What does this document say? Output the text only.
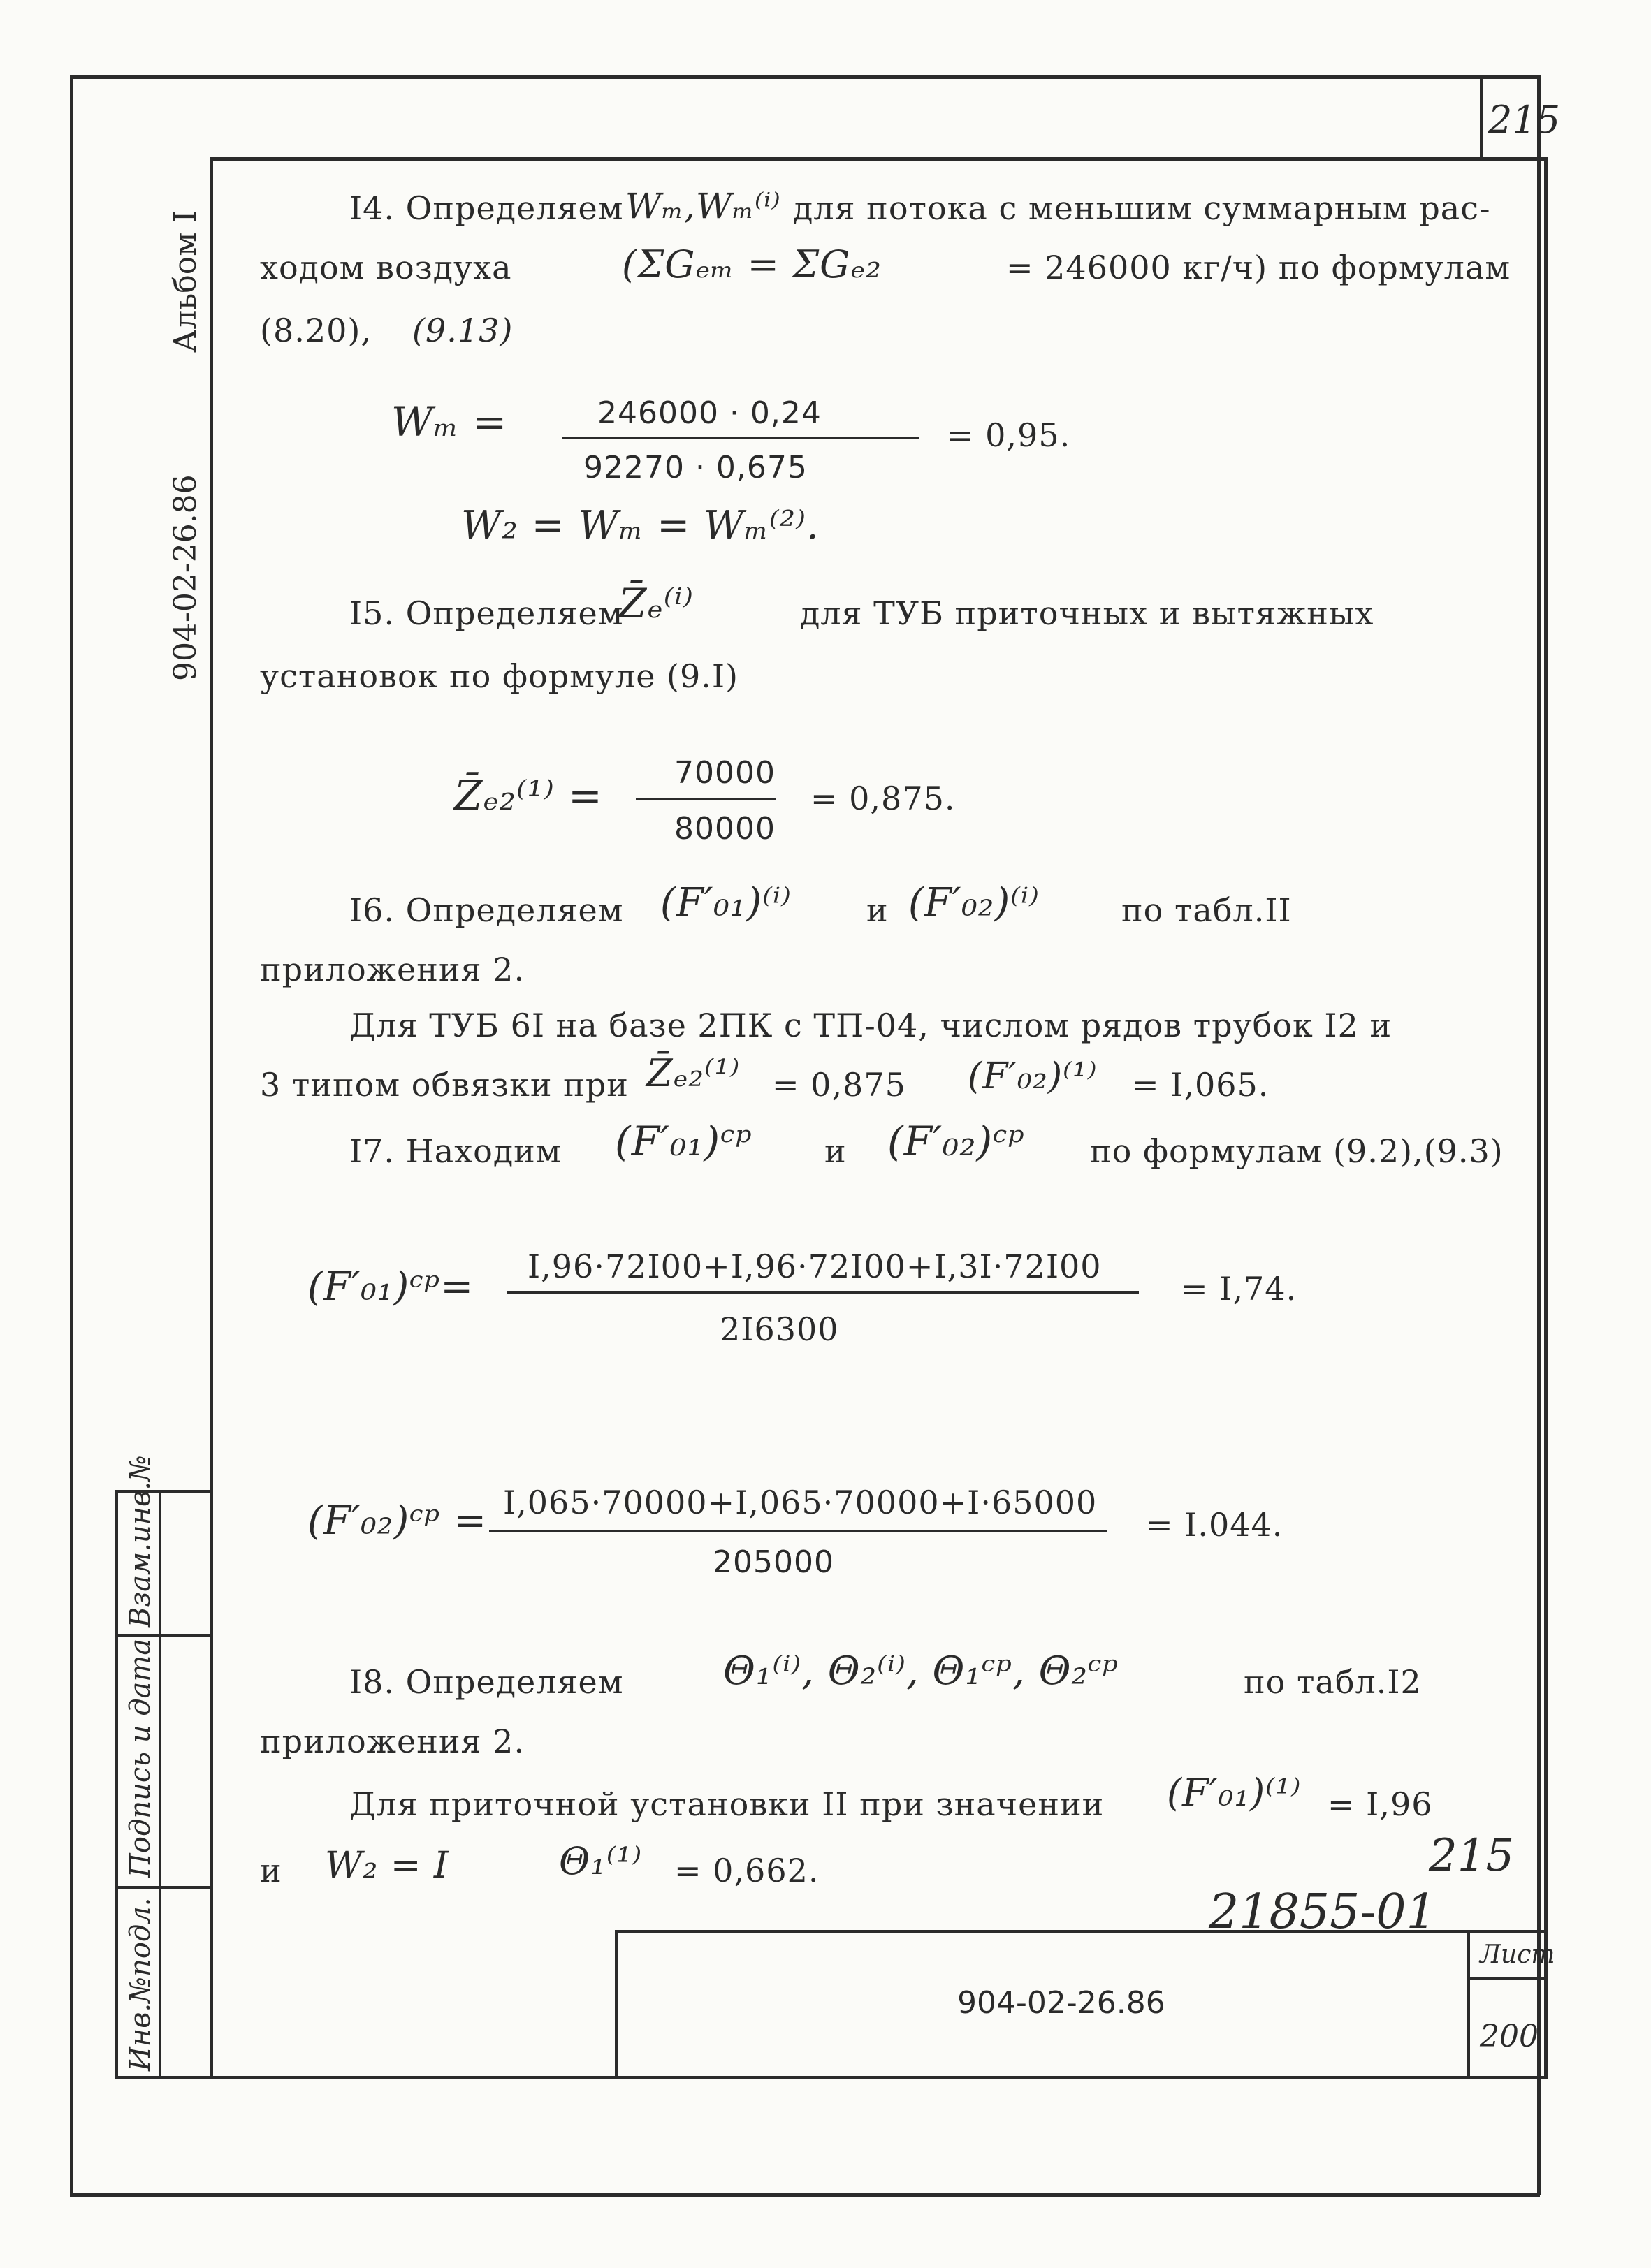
215
Инв.№подл.
Подпись и дата
Взам.инв.№
Альбом I
904-02-26.86
904-02-26.86
Лист
200
215
21855-01
I4. Определяем Wₘ,Wₘ⁽ⁱ⁾ для потока с меньшим суммарным рас-
ходом воздуха	(ΣGₑₘ = ΣGₑ₂	= 246000 кг/ч) по формулам
(8.20), (9.13)
Wₘ =	246000 · 0,24
92270 · 0,675
= 0,95.
W₂ = Wₘ = Wₘ⁽²⁾.
I5. Определяем
Z̄ₑ⁽ⁱ⁾	для ТУБ приточных и вытяжных
установок по формуле (9.I)
Z̄ₑ₂⁽¹⁾ = 70000
80000
= 0,875.
I6. Определяем (F′₀₁)⁽ⁱ⁾ и (F′₀₂)⁽ⁱ⁾	по табл.II
приложения 2.
Для ТУБ 6I на базе 2ПК с ТП-04, числом рядов трубок I2 и
3 типом обвязки при Z̄ₑ₂⁽¹⁾ = 0,875 (F′₀₂)⁽¹⁾ = I,065.
I7. Находим (F′₀₁)ᶜᵖ и (F′₀₂)ᶜᵖ по формулам (9.2),(9.3)
(F′₀₁)ᶜᵖ= I,96·72I00+I,96·72I00+I,3I·72I00
2I6300
= I,74.
(F′₀₂)ᶜᵖ = I,065·70000+I,065·70000+I·65000
205000
= I.044.
I8. Определяем	Θ₁⁽ⁱ⁾, Θ₂⁽ⁱ⁾, Θ₁ᶜᵖ, Θ₂ᶜᵖ	по табл.I2
приложения 2.
Для приточной установки II при значении (F′₀₁)⁽¹⁾ = I,96
и W₂ = I	Θ₁⁽¹⁾ = 0,662.
